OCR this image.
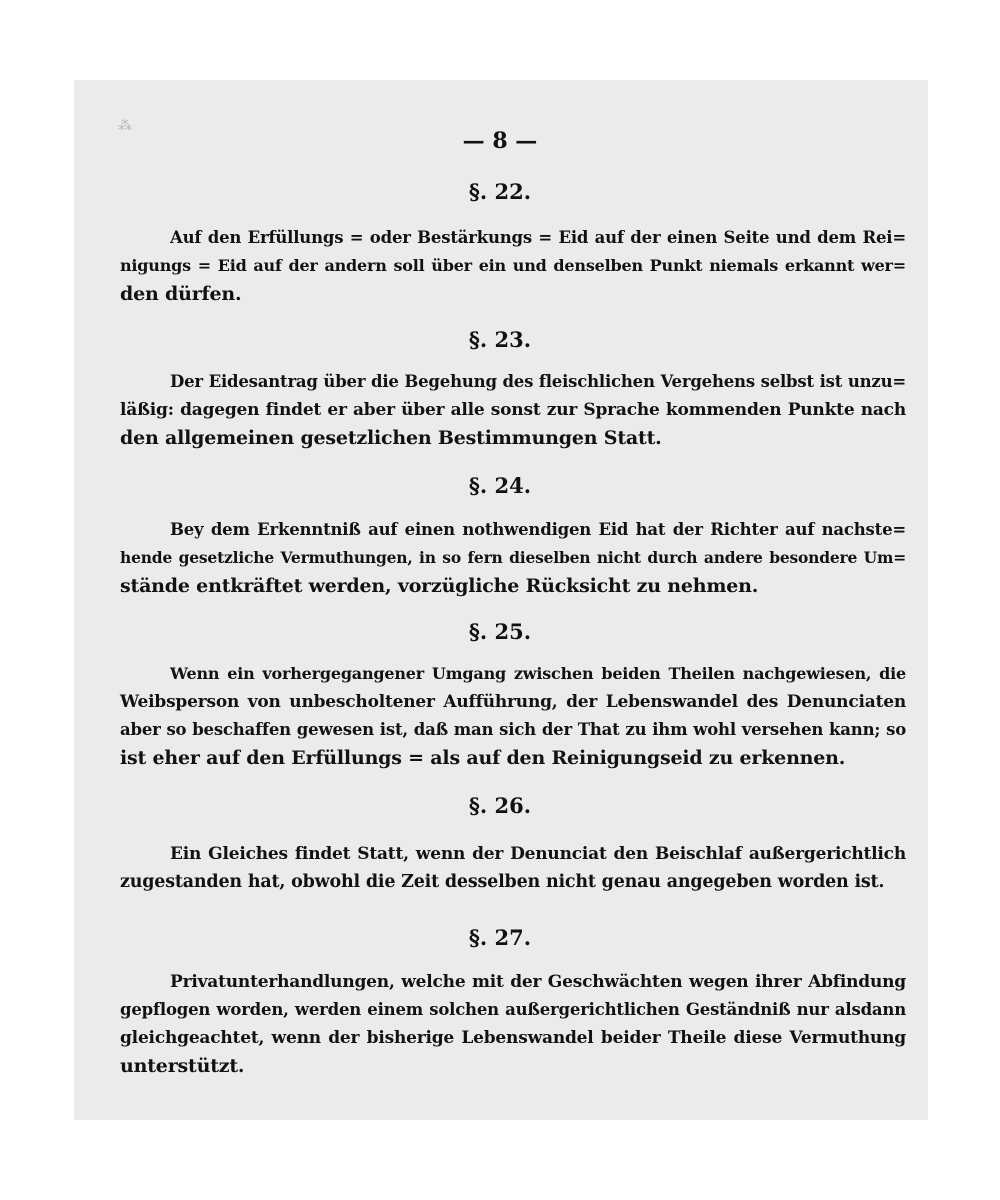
⁂
— 8 —
§. 22.
Auf den Erfüllungs = oder Bestärkungs = Eid auf der einen Seite und dem Rei=
nigungs = Eid auf der andern soll über ein und denselben Punkt niemals erkannt wer=
den dürfen.
§. 23.
Der Eidesantrag über die Begehung des fleischlichen Vergehens selbst ist unzu=
läßig: dagegen findet er aber über alle sonst zur Sprache kommenden Punkte nach
den allgemeinen gesetzlichen Bestimmungen Statt.
§. 24.
Bey dem Erkenntniß auf einen nothwendigen Eid hat der Richter auf nachste=
hende gesetzliche Vermuthungen, in so fern dieselben nicht durch andere besondere Um=
stände entkräftet werden, vorzügliche Rücksicht zu nehmen.
§. 25.
Wenn ein vorhergegangener Umgang zwischen beiden Theilen nachgewiesen, die
Weibsperson von unbescholtener Aufführung, der Lebenswandel des Denunciaten
aber so beschaffen gewesen ist, daß man sich der That zu ihm wohl versehen kann; so
ist eher auf den Erfüllungs = als auf den Reinigungseid zu erkennen.
§. 26.
Ein Gleiches findet Statt, wenn der Denunciat den Beischlaf außergerichtlich
zugestanden hat, obwohl die Zeit desselben nicht genau angegeben worden ist.
§. 27.
Privatunterhandlungen, welche mit der Geschwächten wegen ihrer Abfindung
gepflogen worden, werden einem solchen außergerichtlichen Geständniß nur alsdann
gleichgeachtet, wenn der bisherige Lebenswandel beider Theile diese Vermuthung
unterstützt.
